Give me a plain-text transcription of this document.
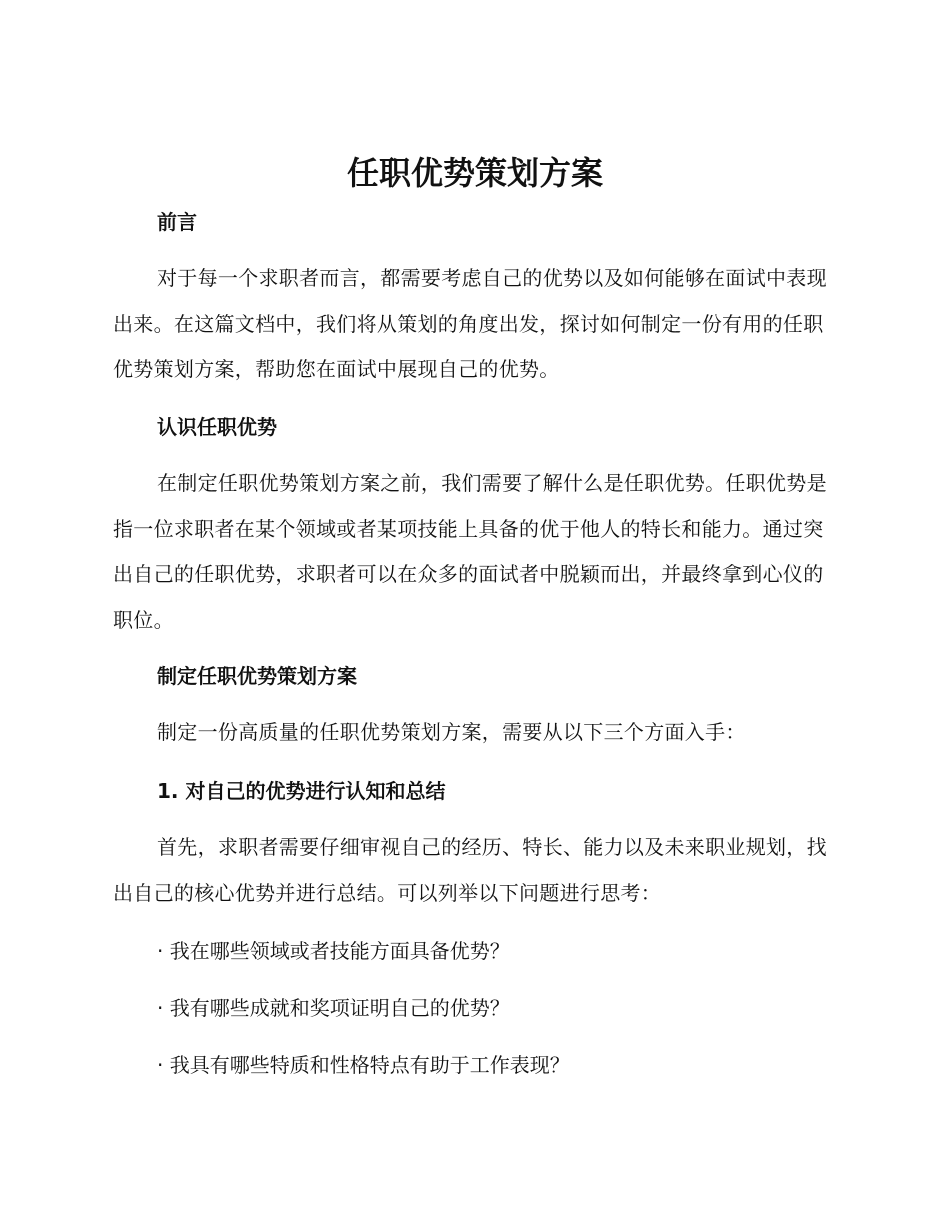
任职优势策划方案
前言

对于每一个求职者而言，都需要考虑自己的优势以及如何能够在面试中表现出来。在这篇文档中，我们将从策划的角度出发，探讨如何制定一份有用的任职优势策划方案，帮助您在面试中展现自己的优势。

认识任职优势

在制定任职优势策划方案之前，我们需要了解什么是任职优势。任职优势是指一位求职者在某个领域或者某项技能上具备的优于他人的特长和能力。通过突出自己的任职优势，求职者可以在众多的面试者中脱颖而出，并最终拿到心仪的职位。

制定任职优势策划方案

制定一份高质量的任职优势策划方案，需要从以下三个方面入手：

1. 对自己的优势进行认知和总结

首先，求职者需要仔细审视自己的经历、特长、能力以及未来职业规划，找出自己的核心优势并进行总结。可以列举以下问题进行思考：

· 我在哪些领域或者技能方面具备优势？

· 我有哪些成就和奖项证明自己的优势？

· 我具有哪些特质和性格特点有助于工作表现？
